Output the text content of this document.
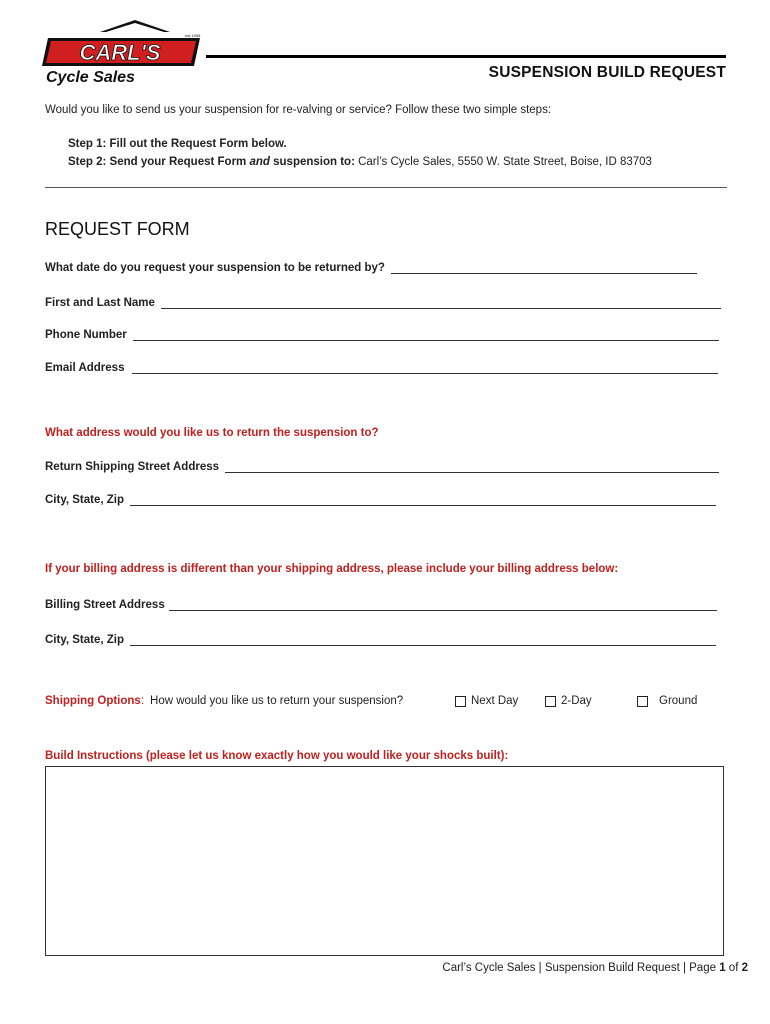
CARL'S
est.1958
Cycle Sales	SUSPENSION BUILD REQUEST
Would you like to send us your suspension for re-valving or service? Follow these two simple steps:
Step 1: Fill out the Request Form below.
Step 2: Send your Request Form and suspension to: Carl’s Cycle Sales, 5550 W. State Street, Boise, ID 83703
REQUEST FORM
What date do you request your suspension to be returned by?
First and Last Name
Phone Number
Email Address
What address would you like us to return the suspension to?
Return Shipping Street Address
City, State, Zip
If your billing address is different than your shipping address, please include your billing address below:
Billing Street Address
City, State, Zip
Shipping Options : How would you like us to return your suspension?	Next Day	2-Day	Ground
Build Instructions (please let us know exactly how you would like your shocks built):
Carl’s Cycle Sales | Suspension Build Request | Page 1 of 2
